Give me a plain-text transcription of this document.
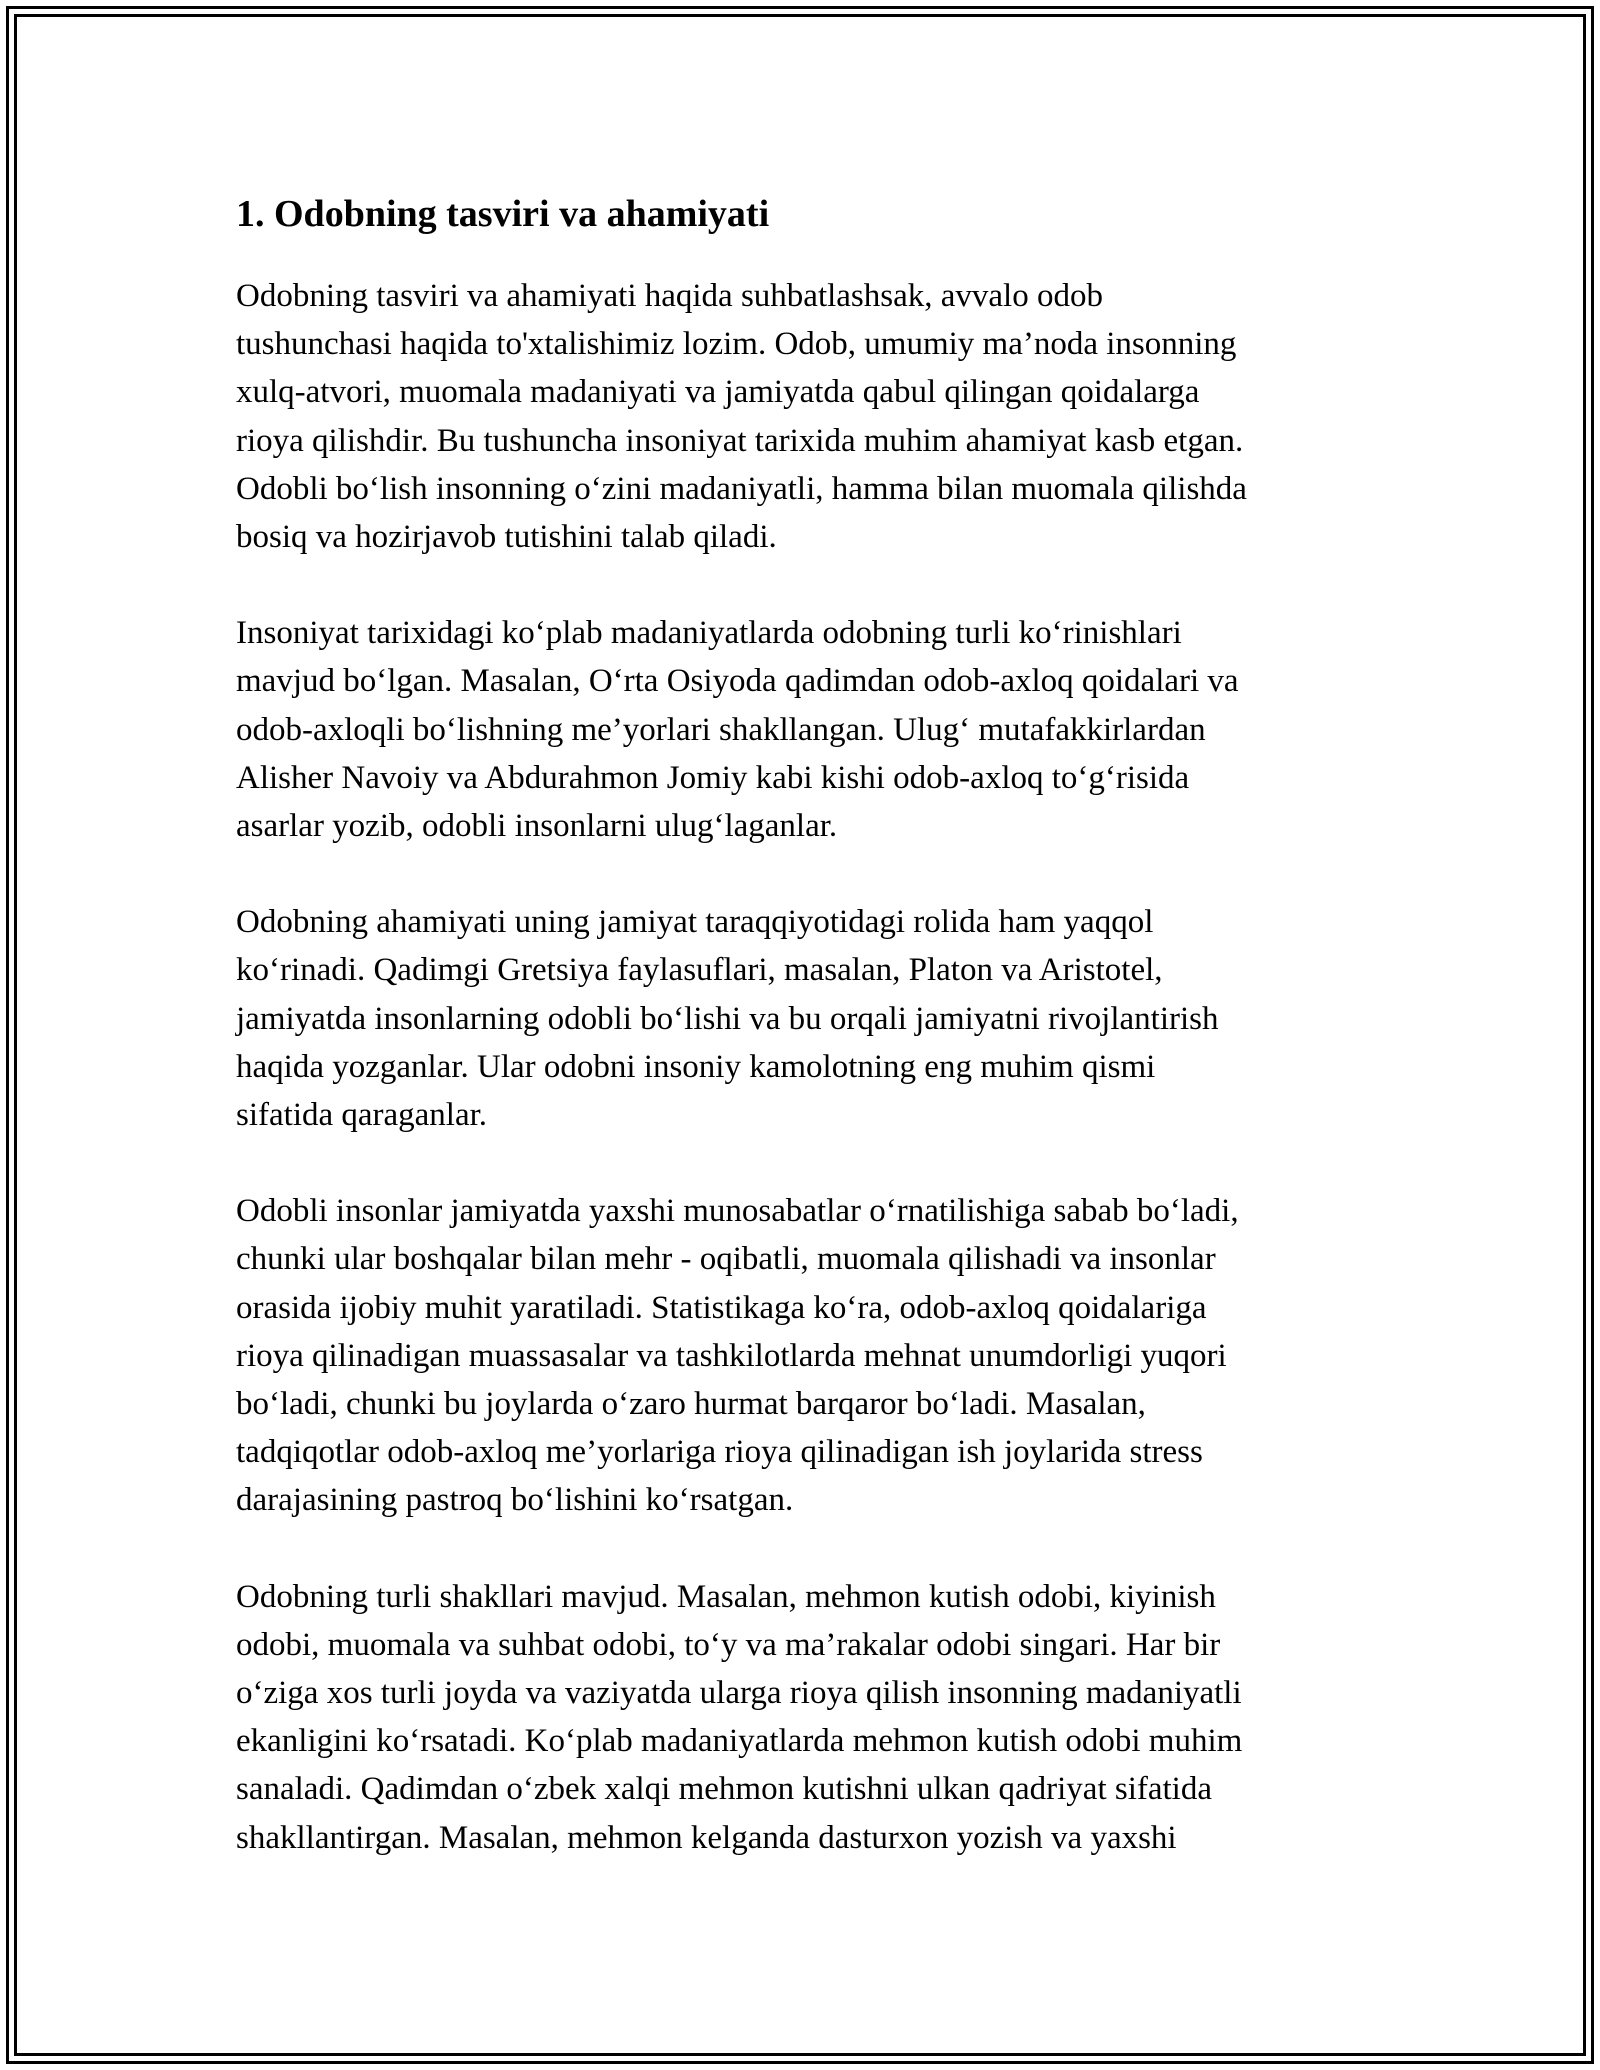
1. Odobning tasviri va ahamiyati

Odobning tasviri va ahamiyati haqida suhbatlashsak, avvalo odob
tushunchasi haqida to'xtalishimiz lozim. Odob, umumiy ma’noda insonning
xulq-atvori, muomala madaniyati va jamiyatda qabul qilingan qoidalarga
rioya qilishdir. Bu tushuncha insoniyat tarixida muhim ahamiyat kasb etgan.
Odobli bo‘lish insonning o‘zini madaniyatli, hamma bilan muomala qilishda
bosiq va hozirjavob tutishini talab qiladi.

Insoniyat tarixidagi ko‘plab madaniyatlarda odobning turli ko‘rinishlari
mavjud bo‘lgan. Masalan, O‘rta Osiyoda qadimdan odob-axloq qoidalari va
odob-axloqli bo‘lishning me’yorlari shakllangan. Ulug‘ mutafakkirlardan
Alisher Navoiy va Abdurahmon Jomiy kabi kishi odob-axloq to‘g‘risida
asarlar yozib, odobli insonlarni ulug‘laganlar.

Odobning ahamiyati uning jamiyat taraqqiyotidagi rolida ham yaqqol
ko‘rinadi. Qadimgi Gretsiya faylasuflari, masalan, Platon va Aristotel,
jamiyatda insonlarning odobli bo‘lishi va bu orqali jamiyatni rivojlantirish
haqida yozganlar. Ular odobni insoniy kamolotning eng muhim qismi
sifatida qaraganlar.

Odobli insonlar jamiyatda yaxshi munosabatlar o‘rnatilishiga sabab bo‘ladi,
chunki ular boshqalar bilan mehr - oqibatli, muomala qilishadi va insonlar
orasida ijobiy muhit yaratiladi. Statistikaga ko‘ra, odob-axloq qoidalariga
rioya qilinadigan muassasalar va tashkilotlarda mehnat unumdorligi yuqori
bo‘ladi, chunki bu joylarda o‘zaro hurmat barqaror bo‘ladi. Masalan,
tadqiqotlar odob-axloq me’yorlariga rioya qilinadigan ish joylarida stress
darajasining pastroq bo‘lishini ko‘rsatgan.

Odobning turli shakllari mavjud. Masalan, mehmon kutish odobi, kiyinish
odobi, muomala va suhbat odobi, to‘y va ma’rakalar odobi singari. Har bir
o‘ziga xos turli joyda va vaziyatda ularga rioya qilish insonning madaniyatli
ekanligini ko‘rsatadi. Ko‘plab madaniyatlarda mehmon kutish odobi muhim
sanaladi. Qadimdan o‘zbek xalqi mehmon kutishni ulkan qadriyat sifatida
shakllantirgan. Masalan, mehmon kelganda dasturxon yozish va yaxshi
